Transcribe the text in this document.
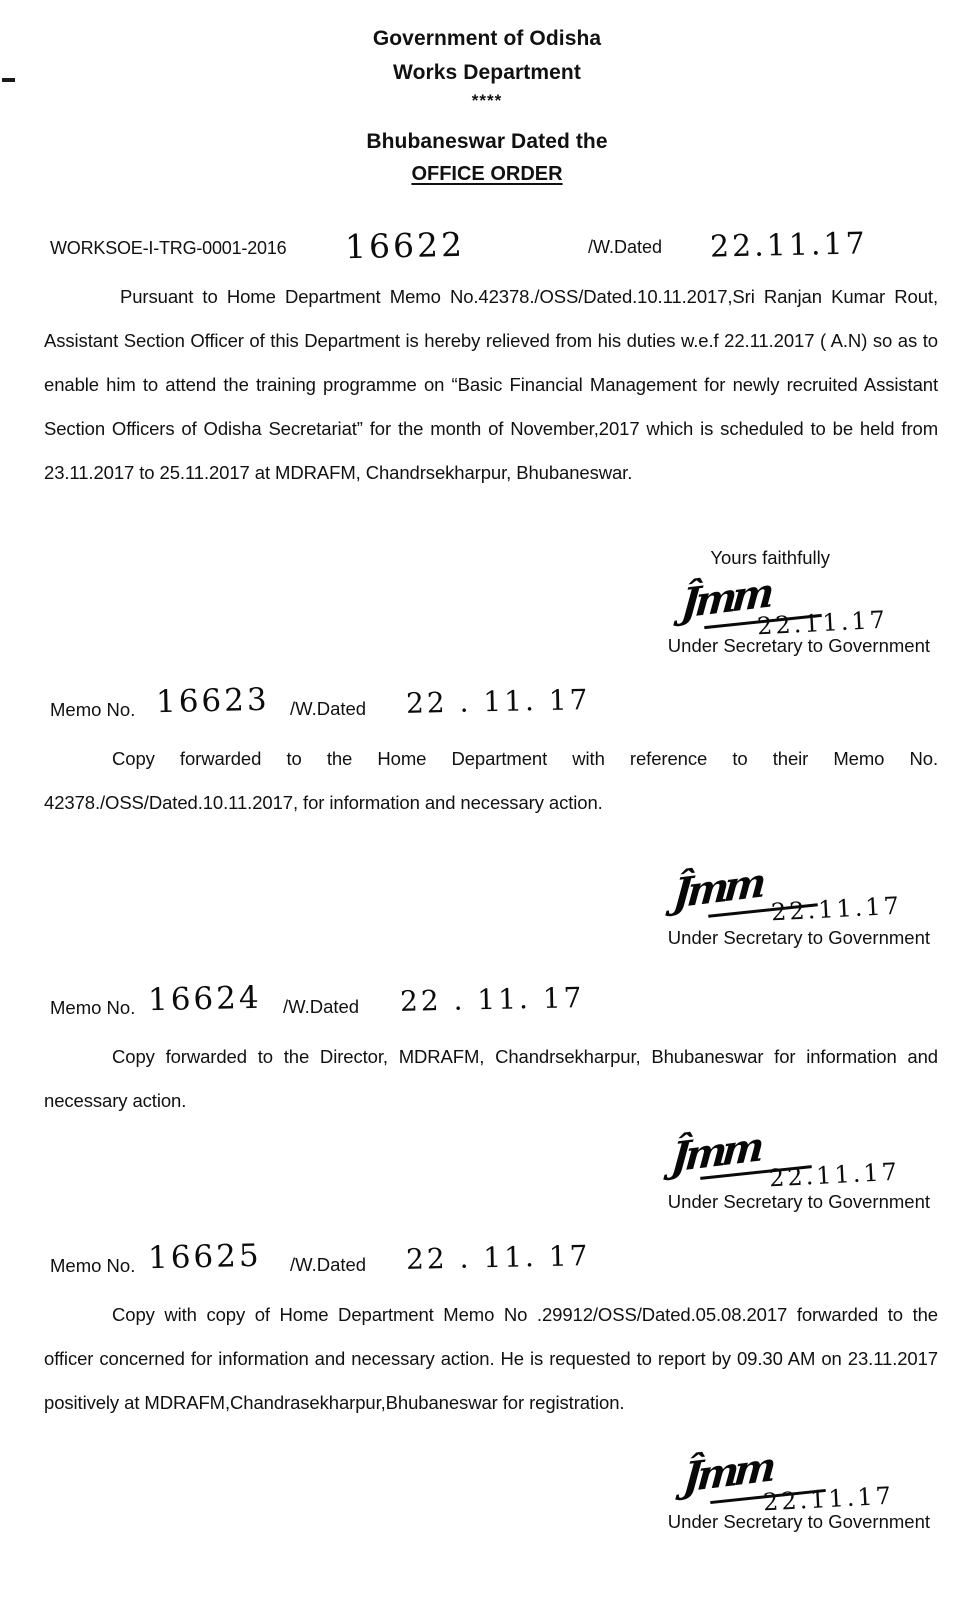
Government of Odisha
Works Department
****
Bhubaneswar Dated the
OFFICE ORDER
WORKSOE-I-TRG-0001-2016 16622	/W.Dated 22.11.17

Pursuant to Home Department Memo No.42378./OSS/Dated.10.11.2017,Sri Ranjan Kumar Rout, Assistant Section Officer of this Department is hereby relieved from his duties w.e.f 22.11.2017 ( A.N) so as to enable him to attend the training programme on “Basic Financial Management for newly recruited Assistant Section Officers of Odisha Secretariat” for the month of November,2017 which is scheduled to be held from 23.11.2017 to 25.11.2017 at MDRAFM, Chandrsekharpur, Bhubaneswar.

Yours faithfully
Ĵmm
22.11.17
Under Secretary to Government
Memo No. 16623 /W.Dated 22 . 11. 17

Copy forwarded to the Home Department with reference to their Memo No. 42378./OSS/Dated.10.11.2017, for information and necessary action.

Ĵmm 22.11.17
Under Secretary to Government
Memo No. 16624 /W.Dated 22 . 11. 17

Copy forwarded to the Director, MDRAFM, Chandrsekharpur, Bhubaneswar for information and necessary action.

Ĵmm 22.11.17
Under Secretary to Government
Memo No. 16625 /W.Dated 22 . 11. 17

Copy with copy of Home Department Memo No .29912/OSS/Dated.05.08.2017 forwarded to the officer concerned for information and necessary action. He is requested to report by 09.30 AM on 23.11.2017 positively at MDRAFM,Chandrasekharpur,Bhubaneswar for registration.

Ĵmm
22.11.17
Under Secretary to Government
